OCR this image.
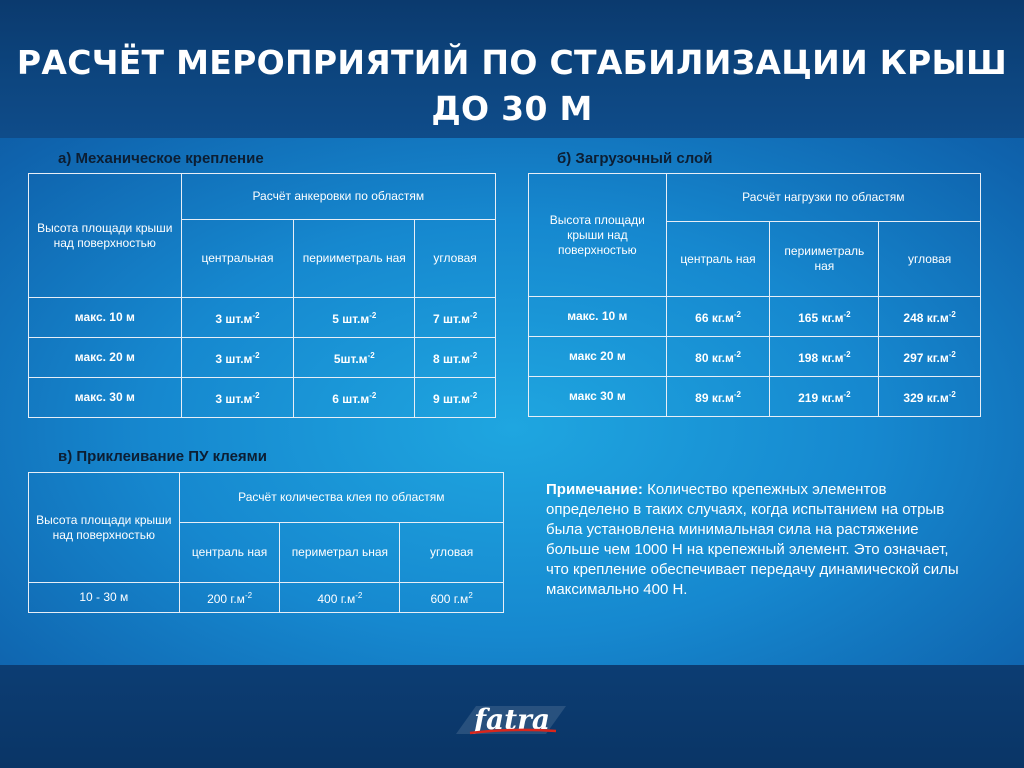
РАСЧЁТ МЕРОПРИЯТИЙ ПО СТАБИЛИЗАЦИИ КРЫШ
ДО 30 М
а) Механическое крепление
Высота площади крыши над поверхностью	Расчёт анкеровки по областям		
	центральная	перииметраль ная	угловая
макс. 10 м	3 $шт.м^{-2}$	5 $шт.м^{-2}$	7 $шт.м^{-2}$
макс. 20 м	3 $шт.м^{-2}$	$5шт.м^{-2}$	8 $шт.м^{-2}$
макс. 30 м	3 $шт.м^{-2}$	6 $шт.м^{-2}$	9 $шт.м^{-2}$
б) Загрузочный слой
Высота площади крыши над поверхностью	Расчёт нагрузки по областям		
	централь ная	перииметраль ная	угловая
макс. 10 м	66 $кг.м^{-2}$	165 $кг.м^{-2}$	248 $кг.м^{-2}$
макс 20 м	80 $кг.м^{-2}$	198 $кг.м^{-2}$	297 $кг.м^{-2}$
макс 30 м	89 $кг.м^{-2}$	219 $кг.м^{-2}$	329 $кг.м^{-2}$
в) Приклеивание ПУ клеями
Высота площади крыши над поверхностью	Расчёт количества клея по областям		
	централь ная	периметрал ьная	угловая
10 - 30 м	200 $г.м^{-2}$	400 $г.м^{-2}$	600 $г.м^2$
Примечание: Количество крепежных элементов определено в таких случаях, когда испытанием на отрыв была установлена минимальная сила на растяжение больше чем 1000 Н на крепежный элемент. Это означает, что крепление обеспечивает передачу динамической силы максимально 400 Н.
fatra
